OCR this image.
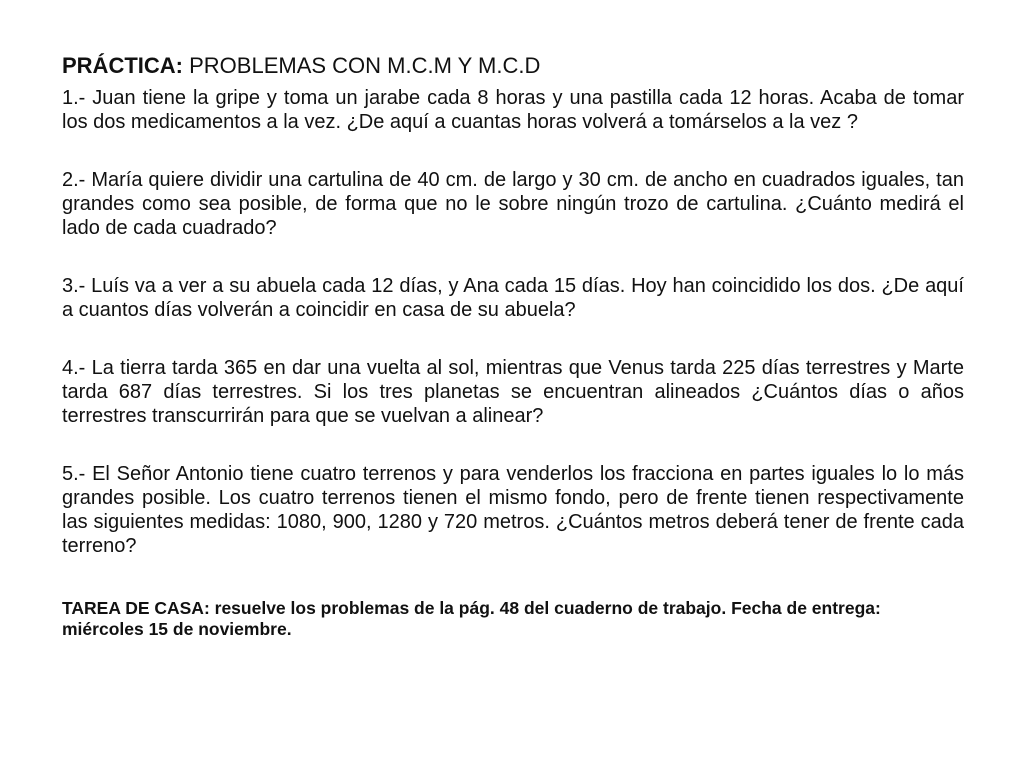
PRÁCTICA: PROBLEMAS CON M.C.M Y M.C.D

1.- Juan tiene la gripe y toma un jarabe cada 8 horas y una pastilla cada 12 horas. Acaba de tomar los dos medicamentos a la vez. ¿De aquí a cuantas horas volverá a tomárselos a la vez ?

2.- María quiere dividir una cartulina de 40 cm. de largo y 30 cm. de ancho en cuadrados iguales, tan grandes como sea posible, de forma que no le sobre ningún trozo de cartulina. ¿Cuánto medirá el lado de cada cuadrado?

3.- Luís va a ver a su abuela cada 12 días, y Ana cada 15 días. Hoy han coincidido los dos. ¿De aquí a cuantos días volverán a coincidir en casa de su abuela?

4.- La tierra tarda 365 en dar una vuelta al sol, mientras que Venus tarda 225 días terrestres y Marte tarda 687 días terrestres. Si los tres planetas se encuentran alineados ¿Cuántos días o años terrestres transcurrirán para que se vuelvan a alinear?

5.- El Señor Antonio tiene cuatro terrenos y para venderlos los fracciona en partes iguales lo lo más grandes posible. Los cuatro terrenos tienen el mismo fondo, pero de frente tienen respectivamente las siguientes medidas: 1080, 900, 1280 y 720 metros. ¿Cuántos metros deberá tener de frente cada terreno?

TAREA DE CASA: resuelve los problemas de la pág. 48 del cuaderno de trabajo. Fecha de entrega: miércoles 15 de noviembre.
